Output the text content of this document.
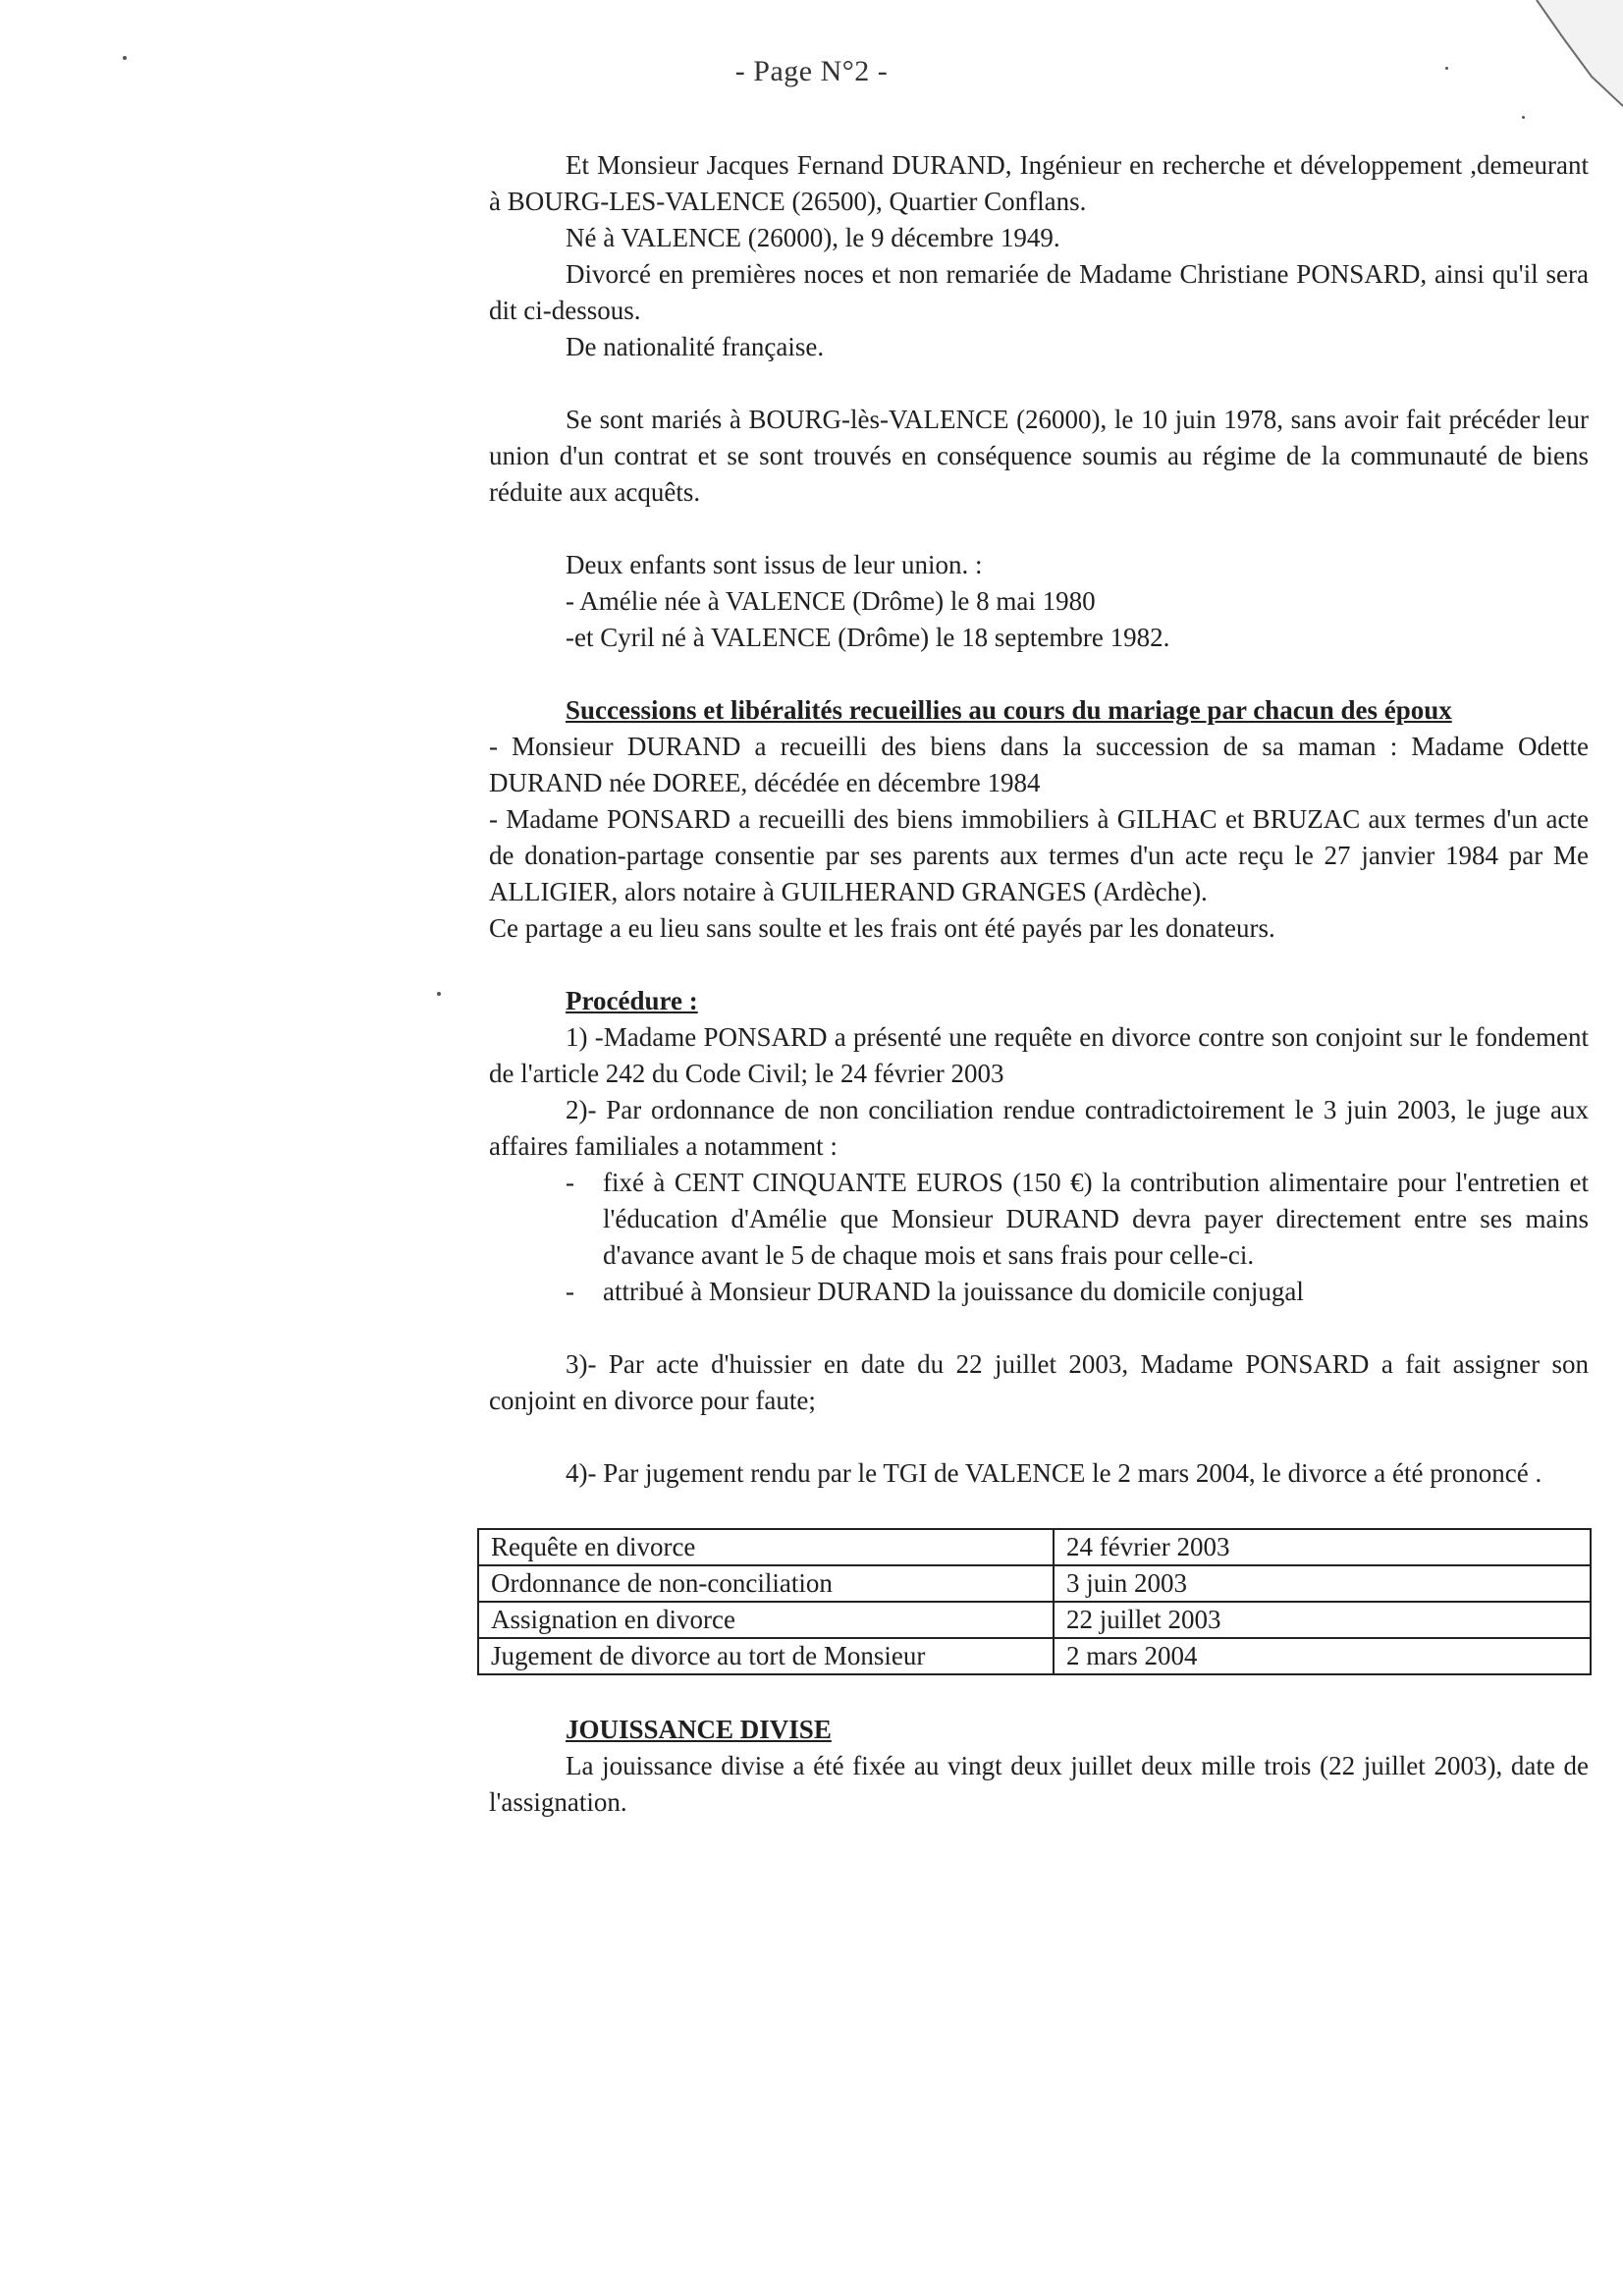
- Page N°2 -

Et Monsieur Jacques Fernand DURAND, Ingénieur en recherche et développement ,demeurant à BOURG-LES-VALENCE (26500), Quartier Conflans.

Né à VALENCE (26000), le 9 décembre 1949.

Divorcé en premières noces et non remariée de Madame Christiane PONSARD, ainsi qu'il sera dit ci-dessous.

De nationalité française.

Se sont mariés à BOURG-lès-VALENCE (26000), le 10 juin 1978, sans avoir fait précéder leur union d'un contrat et se sont trouvés en conséquence soumis au régime de la communauté de biens réduite aux acquêts.

Deux enfants sont issus de leur union. :

- Amélie née à VALENCE (Drôme) le 8 mai 1980

-et Cyril né à VALENCE (Drôme) le 18 septembre 1982.

Successions et libéralités recueillies au cours du mariage par chacun des époux

- Monsieur DURAND a recueilli des biens dans la succession de sa maman : Madame Odette DURAND née DOREE, décédée en décembre 1984

- Madame PONSARD a recueilli des biens immobiliers à GILHAC et BRUZAC aux termes d'un acte de donation-partage consentie par ses parents aux termes d'un acte reçu le 27 janvier 1984 par Me ALLIGIER, alors notaire à GUILHERAND GRANGES (Ardèche).

Ce partage a eu lieu sans soulte et les frais ont été payés par les donateurs.

Procédure :

1) -Madame PONSARD a présenté une requête en divorce contre son conjoint sur le fondement de l'article 242 du Code Civil; le 24 février 2003

2)- Par ordonnance de non conciliation rendue contradictoirement le 3 juin 2003, le juge aux affaires familiales a notamment :

-	fixé à CENT CINQUANTE EUROS (150 €) la contribution alimentaire pour l'entretien et l'éducation d'Amélie que Monsieur DURAND devra payer directement entre ses mains d'avance avant le 5 de chaque mois et sans frais pour celle-ci.

-	attribué à Monsieur DURAND la jouissance du domicile conjugal

3)- Par acte d'huissier en date du 22 juillet 2003, Madame PONSARD a fait assigner son conjoint en divorce pour faute;

4)- Par jugement rendu par le TGI de VALENCE le 2 mars 2004, le divorce a été prononcé .

Requête en divorce	24 février 2003
Ordonnance de non-conciliation	3 juin 2003
Assignation en divorce	22 juillet 2003
Jugement de divorce au tort de Monsieur	2 mars 2004

JOUISSANCE DIVISE

La jouissance divise a été fixée au vingt deux juillet deux mille trois (22 juillet 2003), date de l'assignation.
